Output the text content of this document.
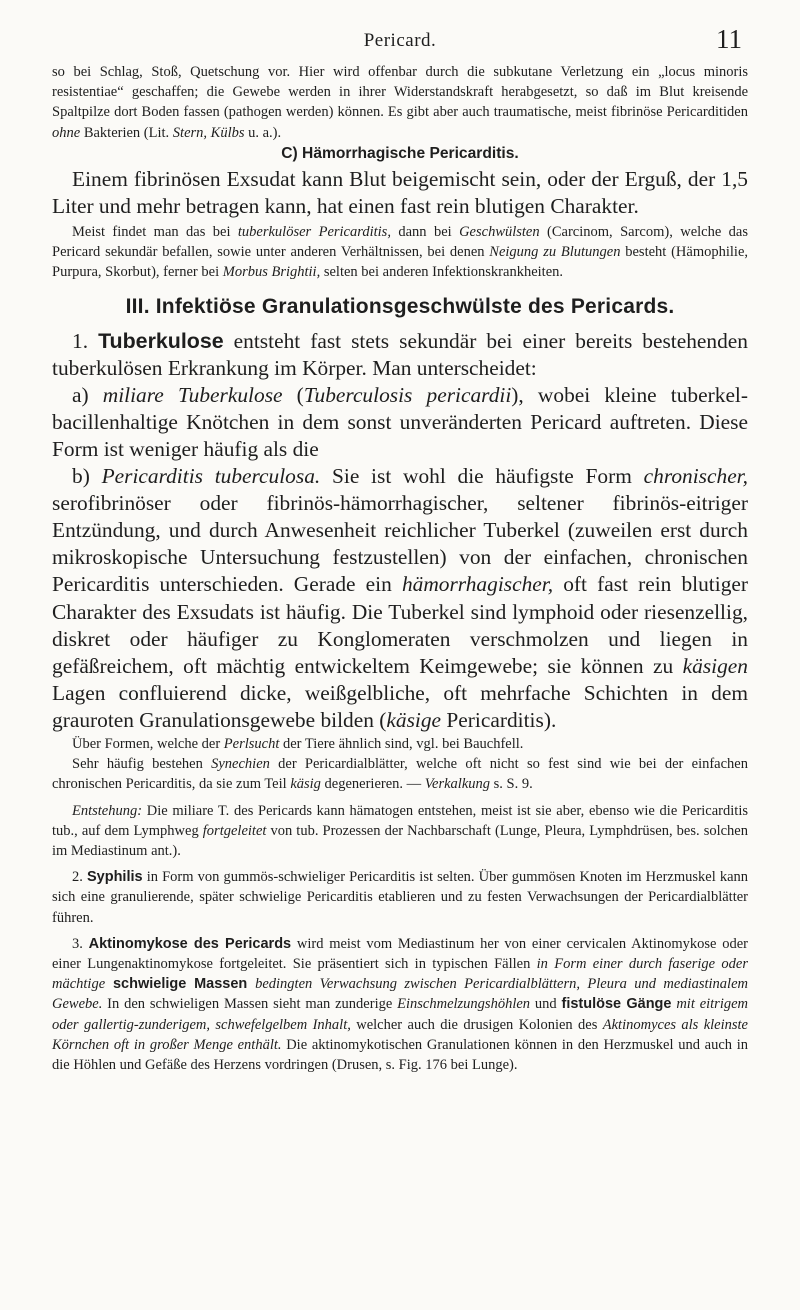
Pericard.	11

so bei Schlag, Stoß, Quetschung vor. Hier wird offenbar durch die subkutane Verletzung ein „locus minoris resistentiae“ geschaffen; die Gewebe werden in ihrer Widerstandskraft herabgesetzt, so daß im Blut kreisende Spaltpilze dort Boden fassen (pathogen werden) können. Es gibt aber auch traumatische, meist fibrinöse Pericarditiden ohne Bakterien (Lit. Stern, Külbs u. a.).

C) Hämorrhagische Pericarditis.

Einem fibrinösen Exsudat kann Blut beigemischt sein, oder der Erguß, der 1,5 Liter und mehr betragen kann, hat einen fast rein blutigen Charakter.

Meist findet man das bei tuberkulöser Pericarditis, dann bei Geschwülsten (Carcinom, Sarcom), welche das Pericard sekundär befallen, sowie unter anderen Verhältnissen, bei denen Neigung zu Blutungen besteht (Hämophilie, Purpura, Skorbut), ferner bei Morbus Brightii, selten bei anderen Infektionskrankheiten.

III. Infektiöse Granulationsgeschwülste des Pericards.

1. Tuberkulose entsteht fast stets sekundär bei einer bereits bestehenden tuberkulösen Erkrankung im Körper. Man unterscheidet:

a) miliare Tuberkulose (Tuberculosis pericardii), wobei kleine tuberkel-bacillenhaltige Knötchen in dem sonst unveränderten Pericard auftreten. Diese Form ist weniger häufig als die

b) Pericarditis tuberculosa. Sie ist wohl die häufigste Form chronischer, serofibrinöser oder fibrinös-hämorrhagischer, seltener fibrinös-eitriger Entzündung, und durch Anwesenheit reichlicher Tuberkel (zuweilen erst durch mikroskopische Untersuchung festzustellen) von der einfachen, chronischen Pericarditis unterschieden. Gerade ein hämorrhagischer, oft fast rein blutiger Charakter des Exsudats ist häufig. Die Tuberkel sind lymphoid oder riesenzellig, diskret oder häufiger zu Konglomeraten verschmolzen und liegen in gefäßreichem, oft mächtig entwickeltem Keimgewebe; sie können zu käsigen Lagen confluierend dicke, weißgelbliche, oft mehrfache Schichten in dem grauroten Granulationsgewebe bilden (käsige Pericarditis).

Über Formen, welche der Perlsucht der Tiere ähnlich sind, vgl. bei Bauchfell.

Sehr häufig bestehen Synechien der Pericardialblätter, welche oft nicht so fest sind wie bei der einfachen chronischen Pericarditis, da sie zum Teil käsig degenerieren. — Verkalkung s. S. 9.

Entstehung: Die miliare T. des Pericards kann hämatogen entstehen, meist ist sie aber, ebenso wie die Pericarditis tub., auf dem Lymphweg fortgeleitet von tub. Prozessen der Nachbarschaft (Lunge, Pleura, Lymphdrüsen, bes. solchen im Mediastinum ant.).

2. Syphilis in Form von gummös-schwieliger Pericarditis ist selten. Über gummösen Knoten im Herzmuskel kann sich eine granulierende, später schwielige Pericarditis etablieren und zu festen Verwachsungen der Pericardialblätter führen.

3. Aktinomykose des Pericards wird meist vom Mediastinum her von einer cervicalen Aktinomykose oder einer Lungenaktinomykose fortgeleitet. Sie präsentiert sich in typischen Fällen in Form einer durch faserige oder mächtige schwielige Massen bedingten Verwachsung zwischen Pericardialblättern, Pleura und mediastinalem Gewebe. In den schwieligen Massen sieht man zunderige Einschmelzungshöhlen und fistulöse Gänge mit eitrigem oder gallertig-zunderigem, schwefelgelbem Inhalt, welcher auch die drusigen Kolonien des Aktinomyces als kleinste Körnchen oft in großer Menge enthält. Die aktinomykotischen Granulationen können in den Herzmuskel und auch in die Höhlen und Gefäße des Herzens vordringen (Drusen, s. Fig. 176 bei Lunge).
